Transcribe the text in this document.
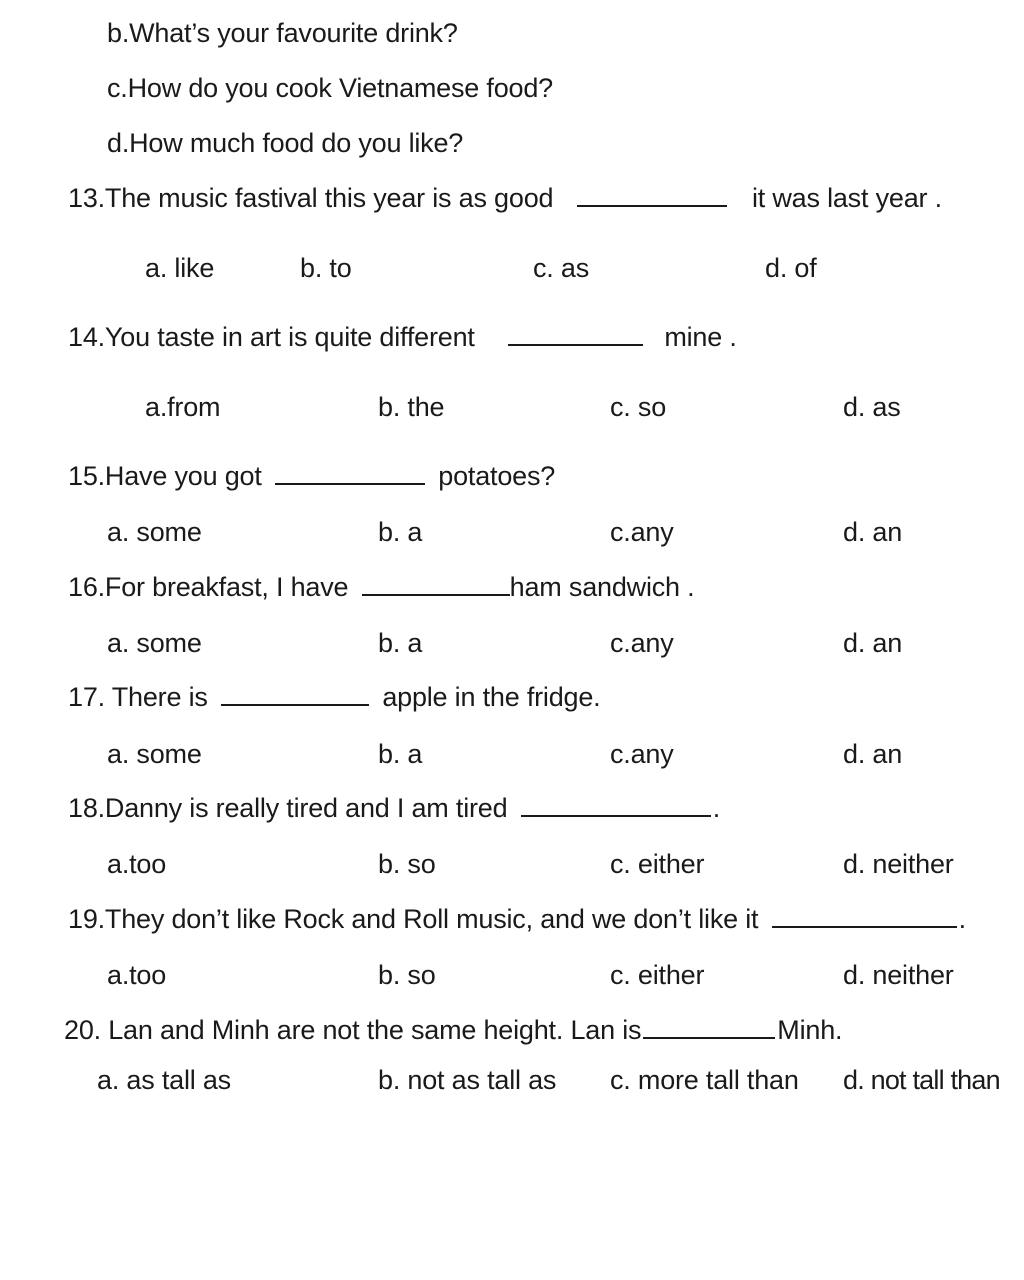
b.What’s your favourite drink?
c.How do you cook Vietnamese food?
d.How much food do you like?
13.The music fastival this year is as good	it was last year .
a. like	b. to	c. as	d. of
14.You taste in art is quite different	mine .
a.from	b. the	c. so	d. as
15.Have you got	potatoes?
a. some	b. a	c.any	d. an
16.For breakfast, I have	ham sandwich .
a. some	b. a	c.any	d. an
17. There is	apple in the fridge.
a. some	b. a	c.any	d. an
18.Danny is really tired and I am tired	.
a.too	b. so	c. either	d. neither
19.They don’t like Rock and Roll music, and we don’t like it	.
a.too	b. so	c. either	d. neither
20. Lan and Minh are not the same height. Lan is	Minh.
a. as tall as	b. not as tall as c. more tall than d. not tall than
